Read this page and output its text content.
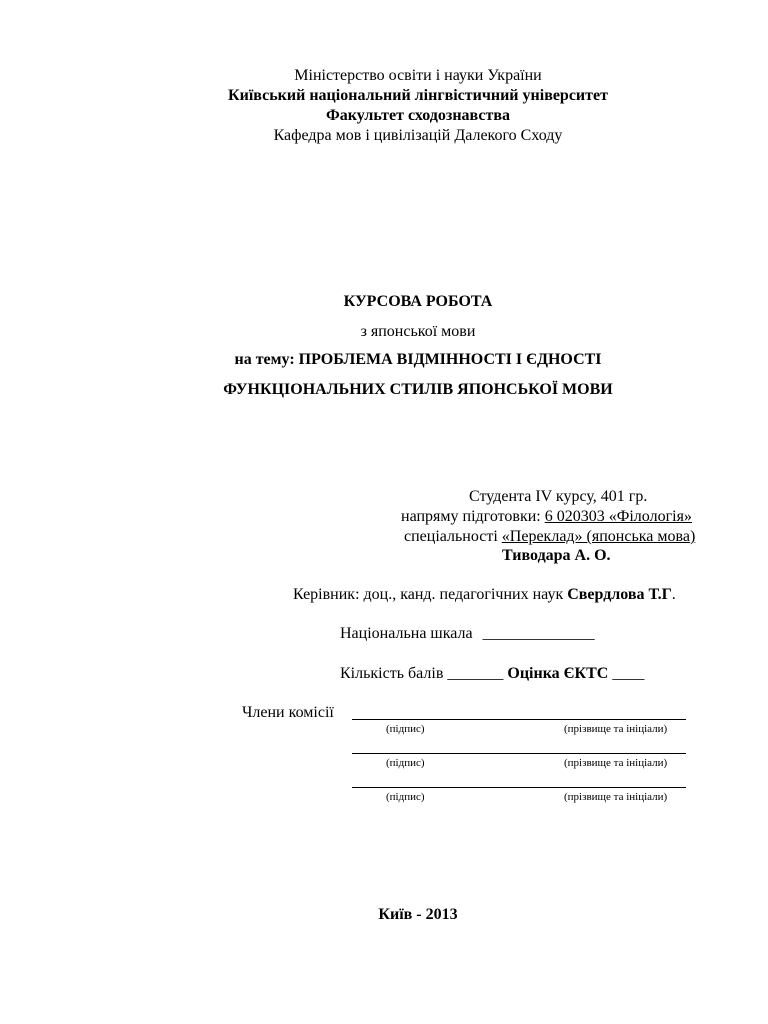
Міністерство освіти і науки України
Київський національний лінгвістичний університет
Факультет сходознавства
Кафедра мов і цивілізацій Далекого Сходу
КУРСОВА РОБОТА
з японської мови
на тему: ПРОБЛЕМА ВІДМІННОСТІ І ЄДНОСТІ
ФУНКЦІОНАЛЬНИХ СТИЛІВ ЯПОНСЬКОЇ МОВИ
Студента ІV курсу, 401 гр.
напряму підготовки: 6 020303 «Філологія»
спеціальності «Переклад» (японська мова)
Тиводара А. О.
Керівник: доц., канд. педагогічних наук Свердлова Т.Г.
Національна шкала ______________
Кількість балів _______ Оцінка ЄКТС ____
Члени комісії
(підпис)	(прізвище та ініціали)
(підпис)	(прізвище та ініціали)
(підпис)	(прізвище та ініціали)
Київ - 2013
